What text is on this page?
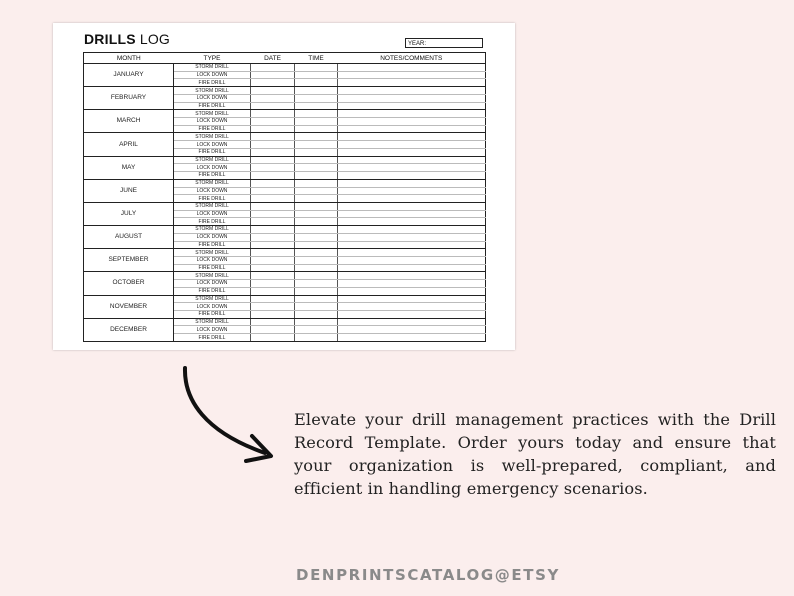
DRILLS LOG	YEAR:
MONTH	TYPE	DATE	TIME	NOTES/COMMENTS
JANUARY	STORM DRILL			
	LOCK DOWN			
	FIRE DRILL			
FEBRUARY	STORM DRILL			
	LOCK DOWN			
	FIRE DRILL			
MARCH	STORM DRILL			
	LOCK DOWN			
	FIRE DRILL			
APRIL	STORM DRILL			
	LOCK DOWN			
	FIRE DRILL			
MAY	STORM DRILL			
	LOCK DOWN			
	FIRE DRILL			
JUNE	STORM DRILL			
	LOCK DOWN			
	FIRE DRILL			
JULY	STORM DRILL			
	LOCK DOWN			
	FIRE DRILL			
AUGUST	STORM DRILL			
	LOCK DOWN			
	FIRE DRILL			
SEPTEMBER	STORM DRILL			
	LOCK DOWN			
	FIRE DRILL			
OCTOBER	STORM DRILL			
	LOCK DOWN			
	FIRE DRILL			
NOVEMBER	STORM DRILL			
	LOCK DOWN			
	FIRE DRILL			
DECEMBER	STORM DRILL			
	LOCK DOWN			
	FIRE DRILL			
Elevate your drill management practices with the Drill Record Template. Order yours today and ensure that your organization is well-prepared, compliant, and efficient in handling emergency scenarios.
DENPRINTSCATALOG@ETSY
